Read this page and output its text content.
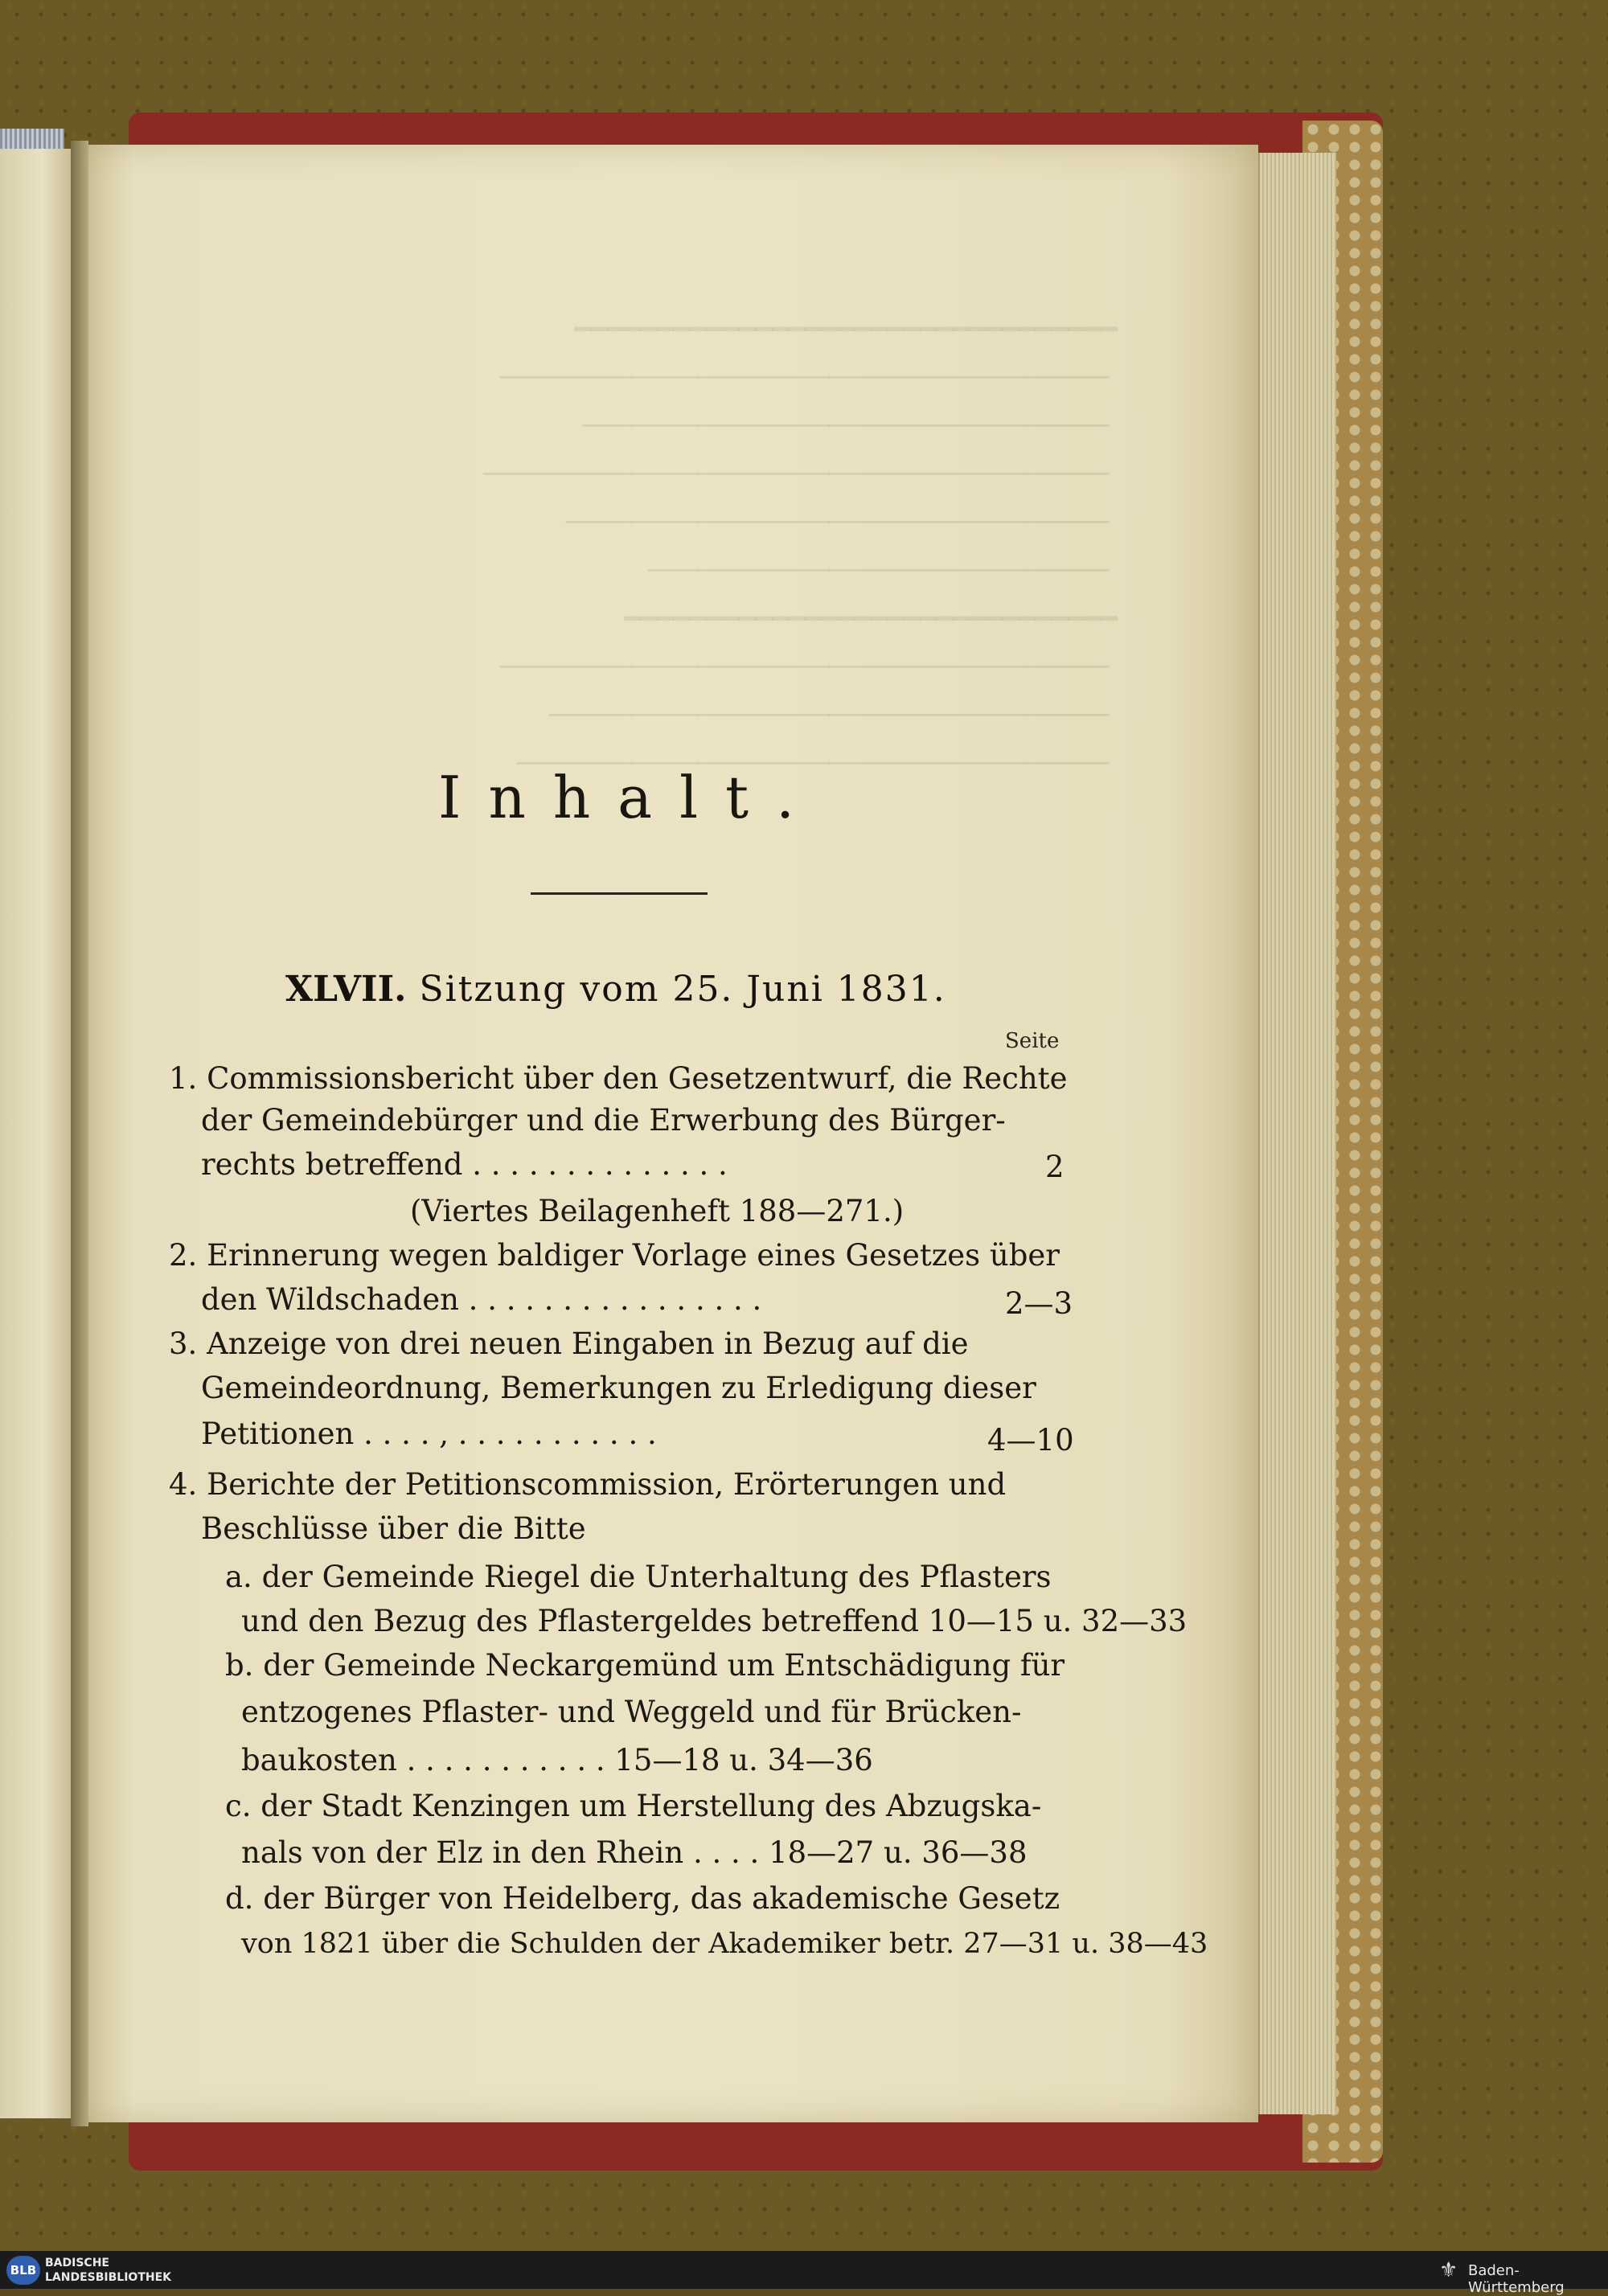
━━━━━━━━━━━━━━━━━━━━━━━━━━━━━━━━━
─────────────────────────────────────
────────────────────────────────
──────────────────────────────────────
─────────────────────────────────
────────────────────────────
━━━━━━━━━━━━━━━━━━━━━━━━━━━━━━
─────────────────────────────────────
──────────────────────────────────
────────────────────────────────────

Inhalt.
XLVII. Sitzung vom 25. Juni 1831.
Seite
1. Commissionsbericht über den Gesetzentwurf, die Rechte
der Gemeindebürger und die Erwerbung des Bürger-
rechts betreffend . . . . . . . . . . . . . .	2
(Viertes Beilagenheft 188—271.)
2. Erinnerung wegen baldiger Vorlage eines Gesetzes über
den Wildschaden . . . . . . . . . . . . . . . .	2—3
3. Anzeige von drei neuen Eingaben in Bezug auf die
Gemeindeordnung, Bemerkungen zu Erledigung dieser
Petitionen . . . . , . . . . . . . . . . .	4—10
4. Berichte der Petitionscommission, Erörterungen und
Beschlüsse über die Bitte
a. der Gemeinde Riegel die Unterhaltung des Pflasters
und den Bezug des Pflastergeldes betreffend 10—15 u. 32—33
b. der Gemeinde Neckargemünd um Entschädigung für
entzogenes Pflaster- und Weggeld und für Brücken-
baukosten . . . . . . . . . . . 15—18 u. 34—36
c. der Stadt Kenzingen um Herstellung des Abzugska-
nals von der Elz in den Rhein . . . . 18—27 u. 36—38
d. der Bürger von Heidelberg, das akademische Gesetz
von 1821 über die Schulden der Akademiker betr. 27—31 u. 38—43
BLB BADISCHE
LANDESBIBLIOTHEK	⚜ Baden-Württemberg
